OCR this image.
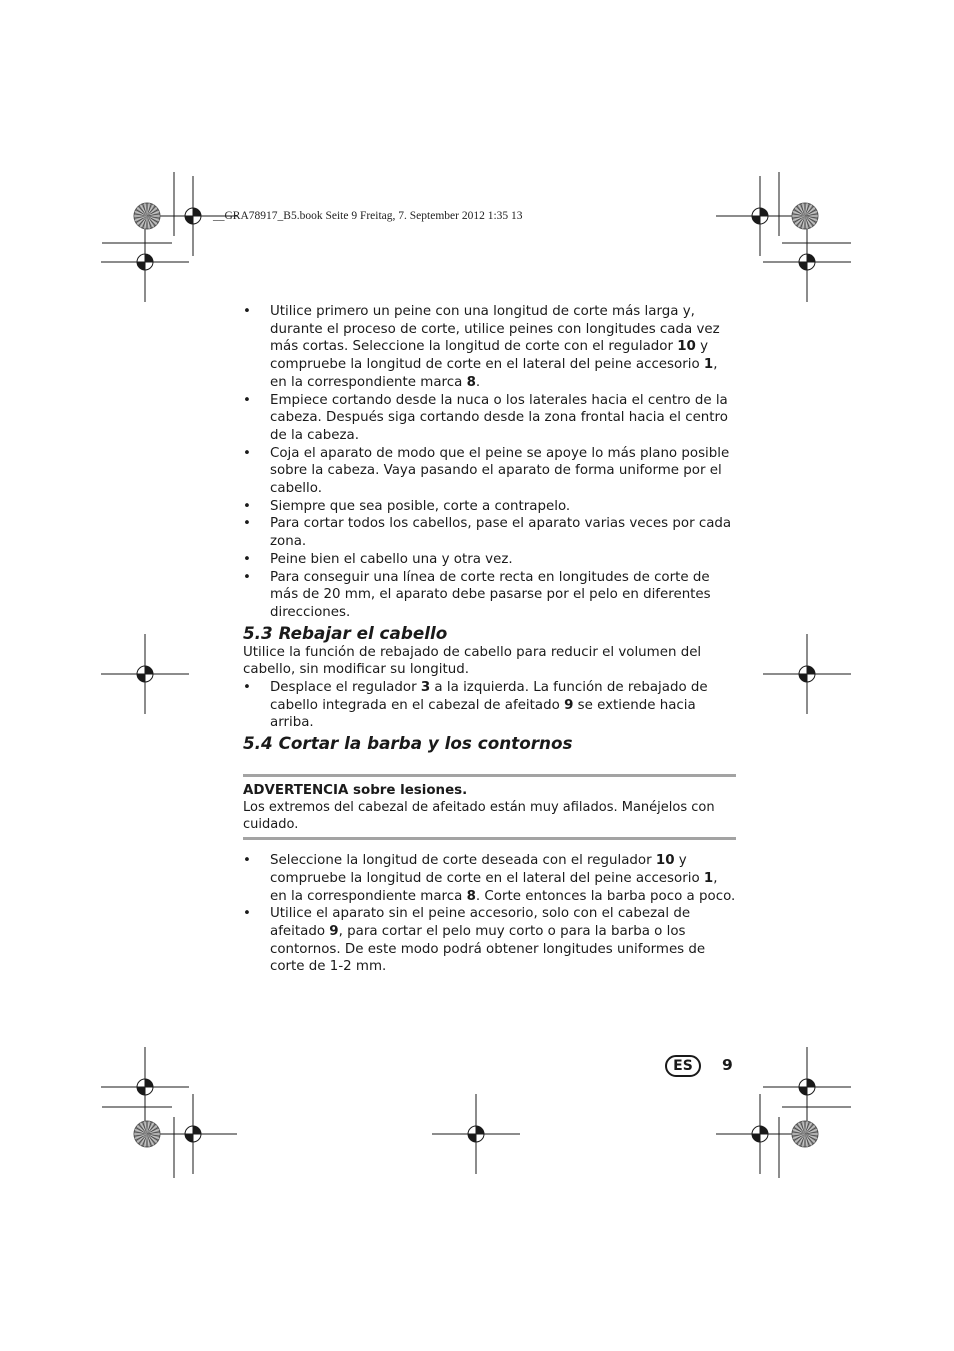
__GRA78917_B5.book Seite 9 Freitag, 7. September 2012 1:35 13
• Utilice primero un peine con una longitud de corte más larga y, durante el proceso de corte, utilice peines con longitudes cada vez más cortas. Seleccione la longitud de corte con el regulador 10 y compruebe la longitud de corte en el lateral del peine accesorio 1, en la correspondiente marca 8.
• Empiece cortando desde la nuca o los laterales hacia el centro de la cabeza. Después siga cortando desde la zona frontal hacia el centro de la cabeza.
• Coja el aparato de modo que el peine se apoye lo más plano posible sobre la cabeza. Vaya pasando el aparato de forma uniforme por el cabello.
• Siempre que sea posible, corte a contrapelo.
• Para cortar todos los cabellos, pase el aparato varias veces por cada zona.
• Peine bien el cabello una y otra vez.
• Para conseguir una línea de corte recta en longitudes de corte de más de 20 mm, el aparato debe pasarse por el pelo en diferentes direcciones.
5.3 Rebajar el cabello

Utilice la función de rebajado de cabello para reducir el volumen del cabello, sin modificar su longitud.

• Desplace el regulador 3 a la izquierda. La función de rebajado de cabello integrada en el cabezal de afeitado 9 se extiende hacia arriba.
5.4 Cortar la barba y los contornos
ADVERTENCIA sobre lesiones.
Los extremos del cabezal de afeitado están muy afilados. Manéjelos con cuidado.
• Seleccione la longitud de corte deseada con el regulador 10 y compruebe la longitud de corte en el lateral del peine accesorio 1, en la correspondiente marca 8. Corte entonces la barba poco a poco.
• Utilice el aparato sin el peine accesorio, solo con el cabezal de afeitado 9, para cortar el pelo muy corto o para la barba o los contornos. De este modo podrá obtener longitudes uniformes de corte de 1-2 mm.
ES	9
